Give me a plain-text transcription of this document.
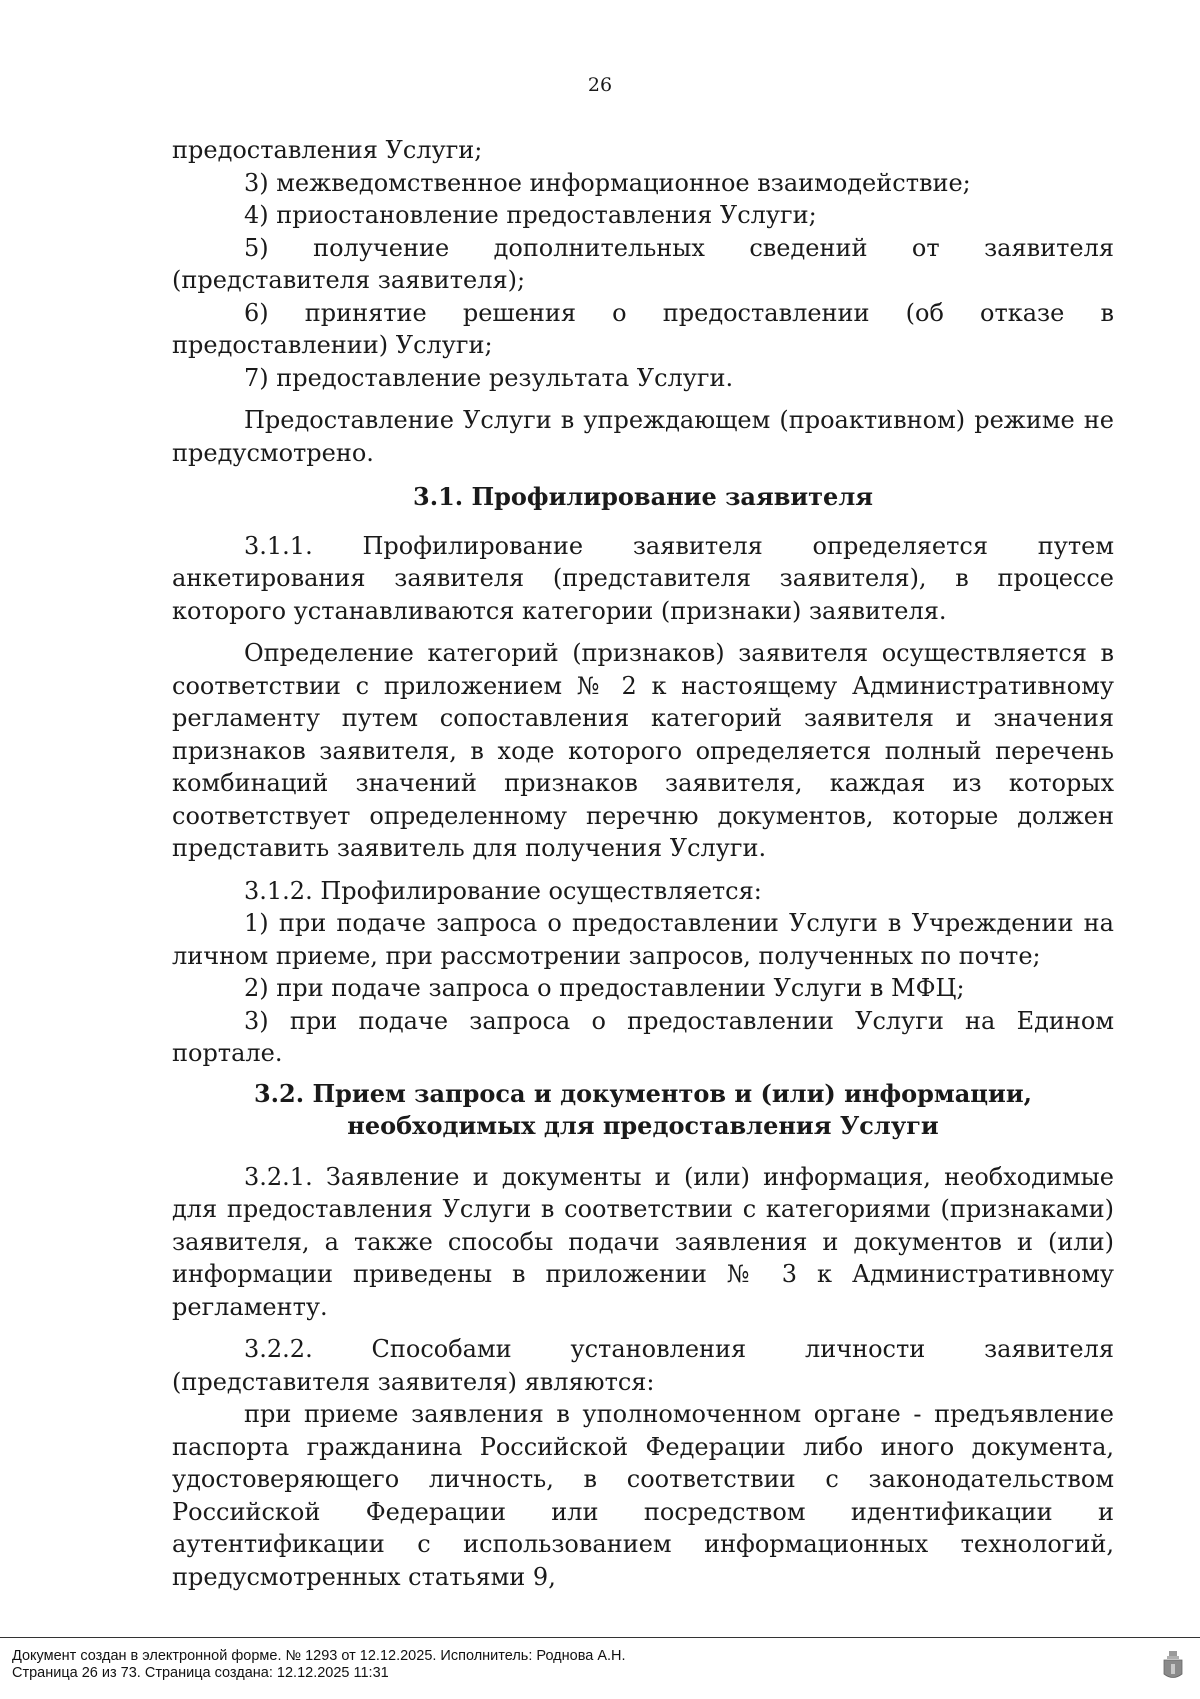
26

предоставления Услуги;

3) межведомственное информационное взаимодействие;

4) приостановление предоставления Услуги;

5) получение дополнительных сведений от заявителя (представителя заявителя);

6) принятие решения о предоставлении (об отказе в предоставлении) Услуги;

7) предоставление результата Услуги.

Предоставление Услуги в упреждающем (проактивном) режиме не предусмотрено.

3.1. Профилирование заявителя

3.1.1. Профилирование заявителя определяется путем анкетирования заявителя (представителя заявителя), в процессе которого устанавливаются категории (признаки) заявителя.

Определение категорий (признаков) заявителя осуществляется в соответствии с приложением № 2 к настоящему Административному регламенту путем сопоставления категорий заявителя и значения признаков заявителя, в ходе которого определяется полный перечень комбинаций значений признаков заявителя, каждая из которых соответствует определенному перечню документов, которые должен представить заявитель для получения Услуги.

3.1.2. Профилирование осуществляется:

1) при подаче запроса о предоставлении Услуги в Учреждении на личном приеме, при рассмотрении запросов, полученных по почте;

2) при подаче запроса о предоставлении Услуги в МФЦ;

3) при подаче запроса о предоставлении Услуги на Едином портале.

3.2. Прием запроса и документов и (или) информации, необходимых для предоставления Услуги

3.2.1. Заявление и документы и (или) информация, необходимые для предоставления Услуги в соответствии с категориями (признаками) заявителя, а также способы подачи заявления и документов и (или) информации приведены в приложении № 3 к Административному регламенту.

3.2.2. Способами установления личности заявителя (представителя заявителя) являются:

при приеме заявления в уполномоченном органе - предъявление паспорта гражданина Российской Федерации либо иного документа, удостоверяющего личность, в соответствии с законодательством Российской Федерации или посредством идентификации и аутентификации с использованием информационных технологий, предусмотренных статьями 9,

Документ создан в электронной форме. № 1293 от 12.12.2025. Исполнитель: Роднова А.Н.
Страница 26 из 73. Страница создана: 12.12.2025 11:31
